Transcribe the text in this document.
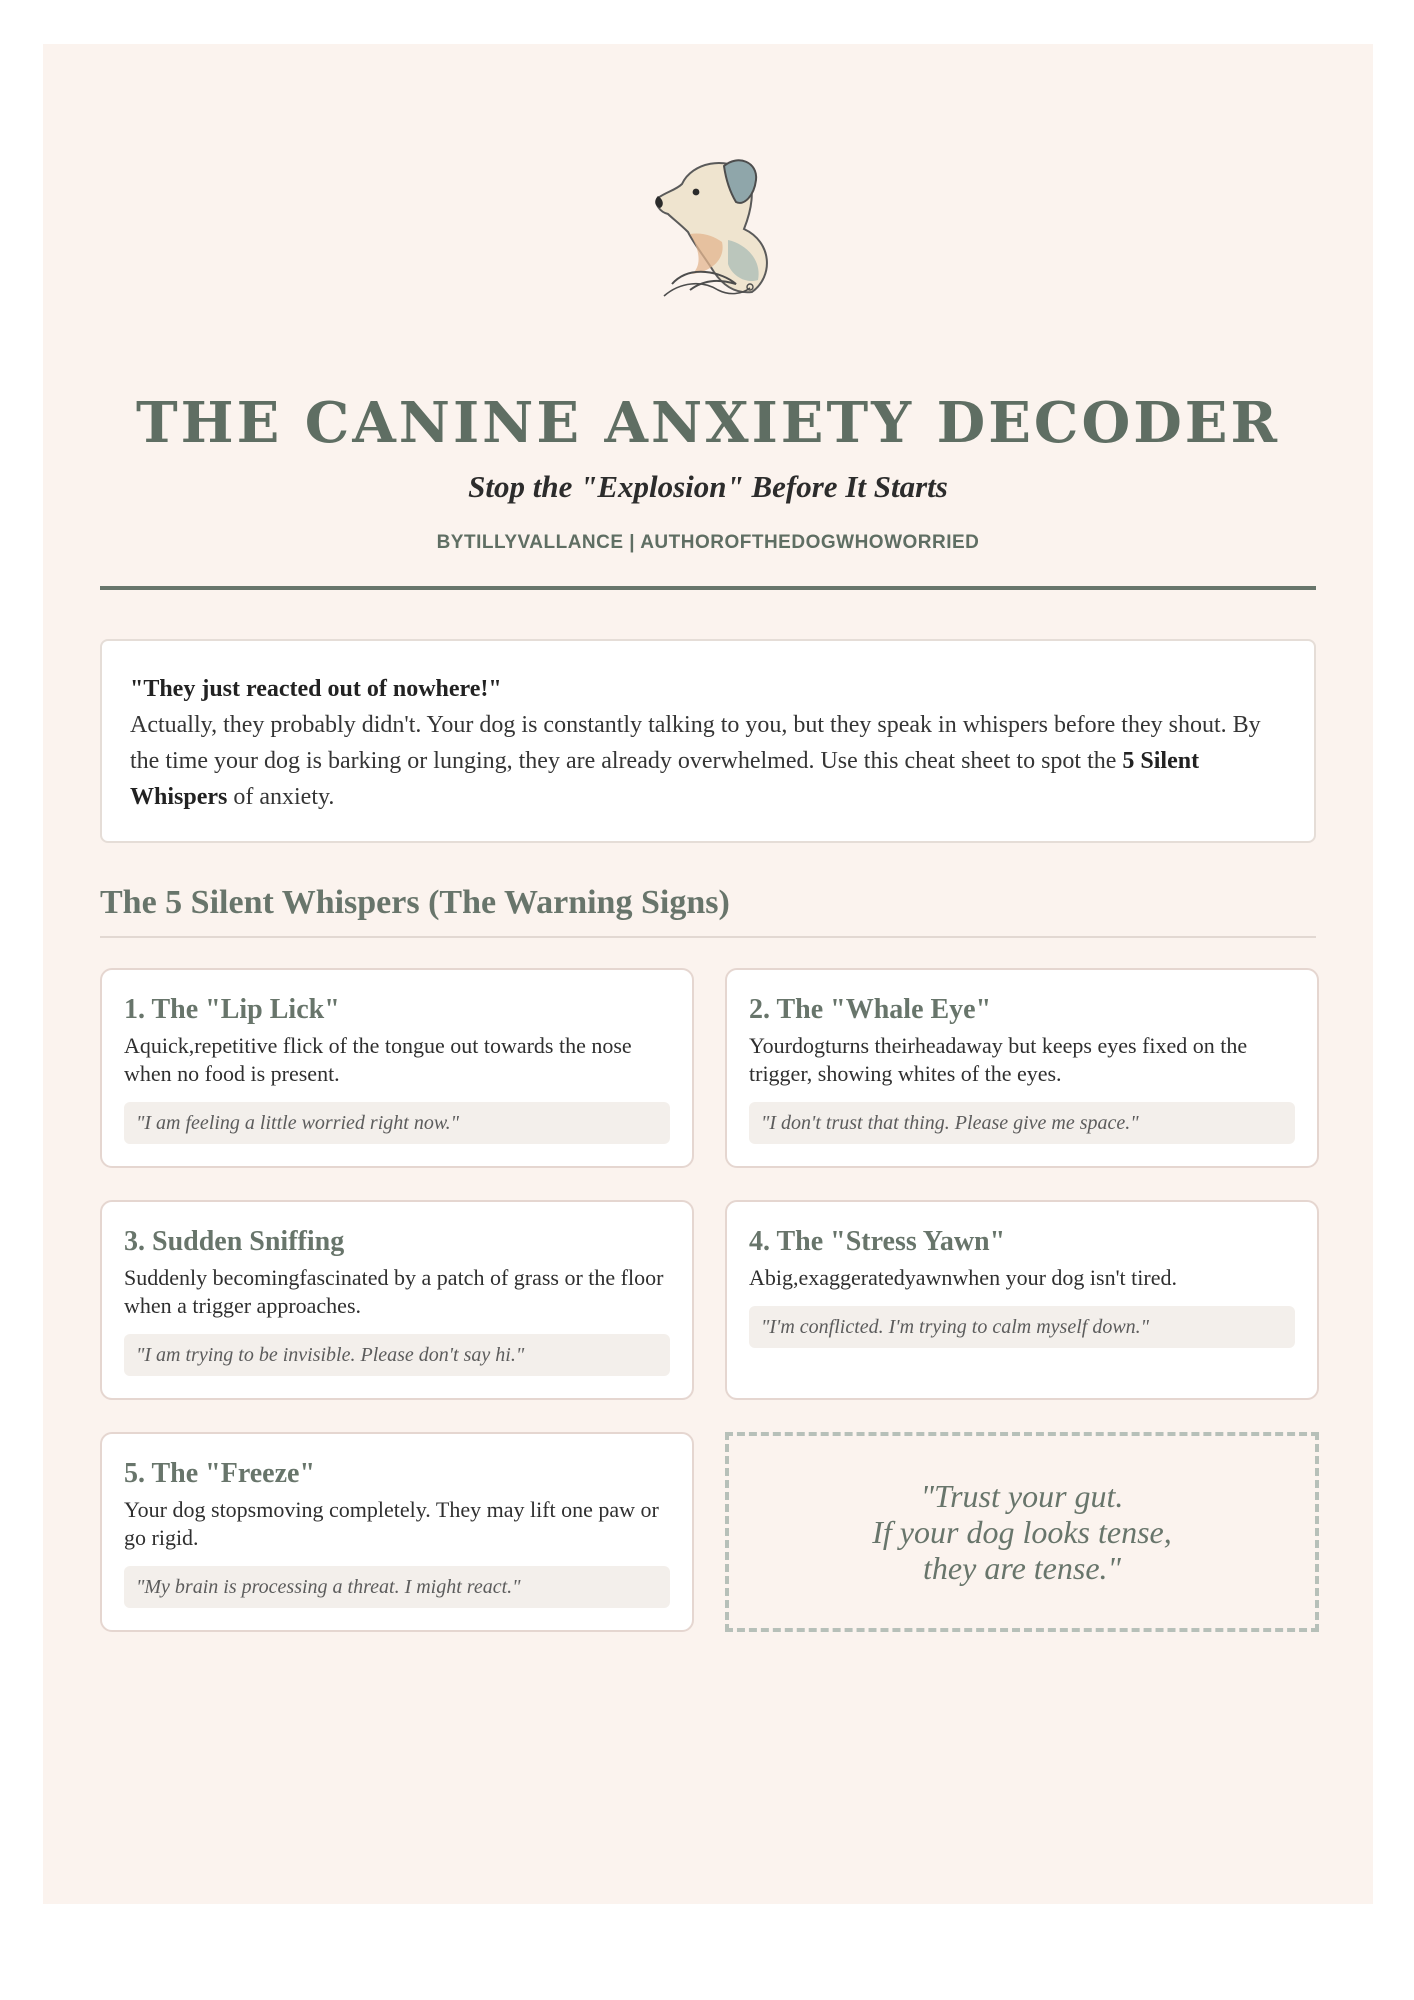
THE CANINE ANXIETY DECODER
Stop the "Explosion" Before It Starts
BYTILLYVALLANCE | AUTHOROFTHEDOGWHOWORRIED
"They just reacted out of nowhere!"
Actually, they probably didn't. Your dog is constantly talking to you, but they speak in whispers before they shout. By the time your dog is barking or lunging, they are already overwhelmed. Use this cheat sheet to spot the 5 Silent Whispers of anxiety.
The 5 Silent Whispers (The Warning Signs)
1. The "Lip Lick"

Aquick,repetitive flick of the tongue out towards the nose when no food is present.

"I am feeling a little worried right now."
2. The "Whale Eye"

Yourdogturns theirheadaway but keeps eyes fixed on the trigger, showing whites of the eyes.

"I don't trust that thing. Please give me space."
3. Sudden Sniffing

Suddenly becomingfascinated by a patch of grass or the floor when a trigger approaches.

"I am trying to be invisible. Please don't say hi."
4. The "Stress Yawn"

Abig,exaggeratedyawnwhen your dog isn't tired.

"I'm conflicted. I'm trying to calm myself down."
5. The "Freeze"

Your dog stopsmoving completely. They may lift one paw or go rigid.

"My brain is processing a threat. I might react."
"Trust your gut.
If your dog looks tense,
they are tense."
